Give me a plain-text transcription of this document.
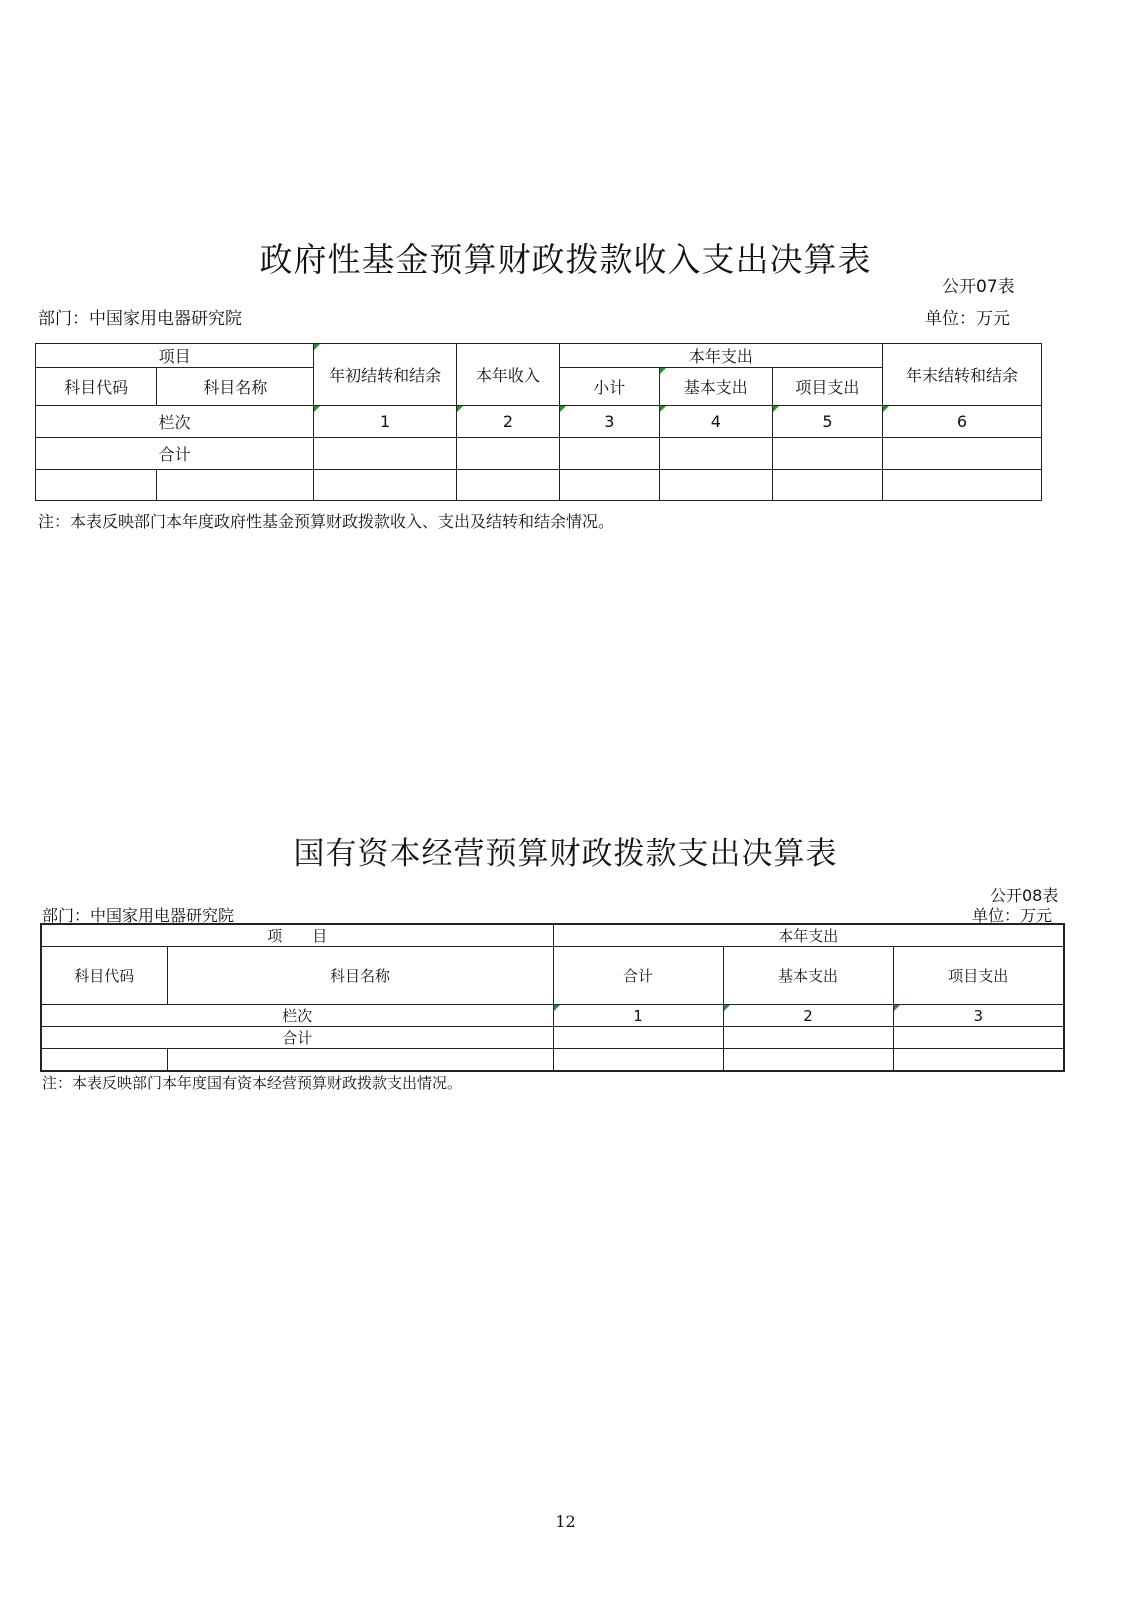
政府性基金预算财政拨款收入支出决算表
公开07表
部门：中国家用电器研究院	单位：万元
项目		年初结转和结余	本年收入	本年支出			年末结转和结余
科目代码	科目名称			小计	基本支出	项目支出	
栏次		1	2	3	4	5	6
合计							

注：本表反映部门本年度政府性基金预算财政拨款收入、支出及结转和结余情况。
国有资本经营预算财政拨款支出决算表
公开08表
部门：中国家用电器研究院	单位：万元
项　　目		本年支出		
科目代码	科目名称	合计	基本支出	项目支出
栏次		1	2	3
合计				

注：本表反映部门本年度国有资本经营预算财政拨款支出情况。
12
